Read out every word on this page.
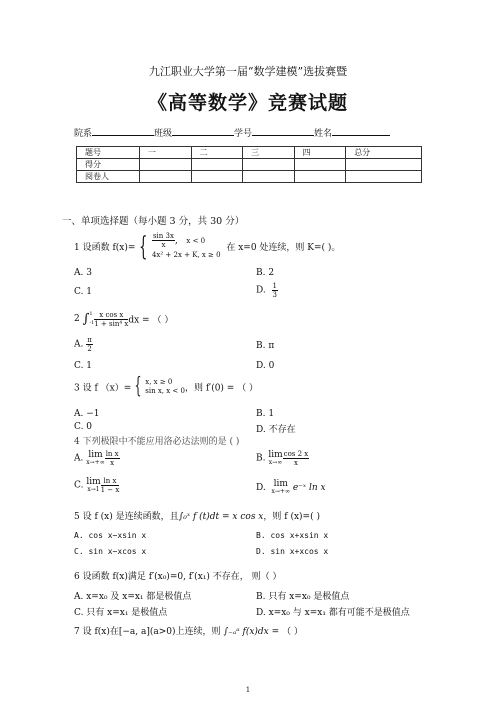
九江职业大学第一届“数学建模”选拔赛暨
《高等数学》竞赛试题
院系	班级	学号	姓名
题号	一	二	三	四	总分
得分					
阅卷人					
一、单项选择题（每小题 3 分，共 30 分）
1 设函数 f(x)= { $\frac{\sin 3x}{x}$ ,   x < 0
4x² + 2x + K, x ≥ 0
在 x=0 处连续，则 K=( )。
A. 3	B. 2
C. 1	D. $\frac{1}{3}$
2 ∫ 1
$-1 \frac{\text{x cos x}}{\text{1 + sin⁴ x}}$ dx = （ ）
A. $\frac{\pi}{2}$	B. π
C. 1	D. 0
3 设 f （x）= { x, x ≥ 0
sin x, x < 0 ，则 f′(0) = （ ）
A. −1	B. 1
C. 0	D. 不存在
4 下列极限中不能应用洛必达法则的是 ( )
A. lim
$x\to+\infty \frac{\text{ln x}}{x}$	B. lim
$x\to\infty \frac{\cos 2 x}{x}$
C. lim
$x\to 1 \frac{\text{ln x}}{1 - x}$	D. lim
x→+∞ e⁻ˣ ln x
5 设 f (x) 是连续函数，且∫₀ˣ f (t)dt = x cos x，则 f (x)=( )
A. cos x−xsin x	B. cos x+xsin x
C. sin x−xcos x	D. sin x+xcos x
6 设函数 f(x)满足 f′(x₀)=0, f′(x₁) 不存在， 则（ ）
A. x=x₀ 及 x=x₁ 都是极值点	B. 只有 x=x₀ 是极值点
C. 只有 x=x₁ 是极值点	D. x=x₀ 与 x=x₁ 都有可能不是极值点
7 设 f(x)在[−a, a](a>0)上连续，则 ∫₋ₐᵃ f(x)dx = （ ）
1
